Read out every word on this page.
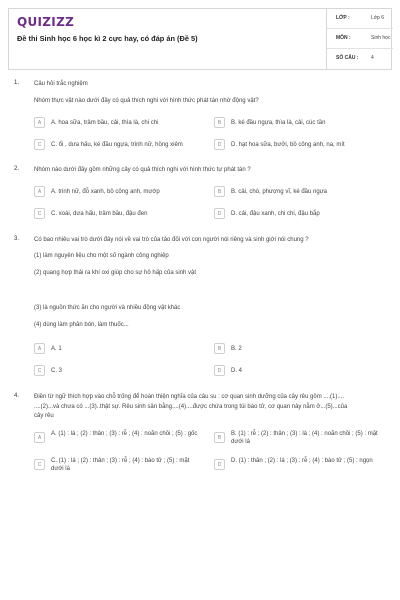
QUIZIZZ
Đề thi Sinh học 6 học kì 2 cực hay, có đáp án (Đề 5)
LỚP :	Lớp 6
MÔN :	Sinh học
SỐ CÂU :	4
1. Câu hỏi trắc nghiệm
Nhóm thực vật nào dưới đây có quả thích nghi với hình thức phát tán nhờ động vật?
A	A. hoa sữa, trâm bầu, cải, thìa là, chi chi	B	B. ké đầu ngựa, thìa là, cải, cúc tần
C	C. ổi , dưa hấu, ké đầu ngựa, trinh nữ, hồng xiêm	D	D. hạt hoa sữa, bưởi, bồ công anh, na, mít
2. Nhóm nào dưới đây gồm những cây có quả thích nghi với hình thức tự phát tán ?
A	A. trinh nữ, đỗ xanh, bồ công anh, mướp	B	B. cải, chò, phượng vĩ, ké đầu ngựa
C	C. xoài, dưa hấu, trâm bầu, đậu đen	D	D. cải, đậu xanh, chi chi, đậu bắp
3. Có bao nhiêu vai trò dưới đây nói về vai trò của tảo đối với con người nói riêng và sinh giới nói chung ?
(1) làm nguyên liệu cho một số ngành công nghiệp
(2) quang hợp thải ra khí oxi giúp cho sự hô hấp của sinh vật
(3) là nguồn thức ăn cho người và nhiều động vật khác
(4) dùng làm phân bón, làm thuốc...
A	A. 1	B	B. 2
C	C. 3	D	D. 4
4. Điền từ ngữ thích hợp vào chỗ trống để hoàn thiện nghĩa của câu su : cơ quan sinh dưỡng của cây rêu gồm ....(1)....
....(2)...và chưa có ...(3)..thật sự. Rêu sinh sản bằng....(4)....được chứa trong túi bào tử, cơ quan này nằm ở...(5)...của
cây rêu
A
A. (1) : lá ; (2) : thân ; (3) : rễ ; (4) : noãn chồi ; (5) : gốc
B
B. (1) : rễ ; (2) : thân ; (3) : lá ; (4) : noãn chồi ; (5) : mặt dưới lá
C
C. (1) : lá ; (2) : thân ; (3) : rễ ; (4) : bào tử ; (5) : mặt dưới lá
D
D. (1) : thân ; (2) : lá ; (3) : rễ ; (4) : bào tử ; (5) : ngọn
